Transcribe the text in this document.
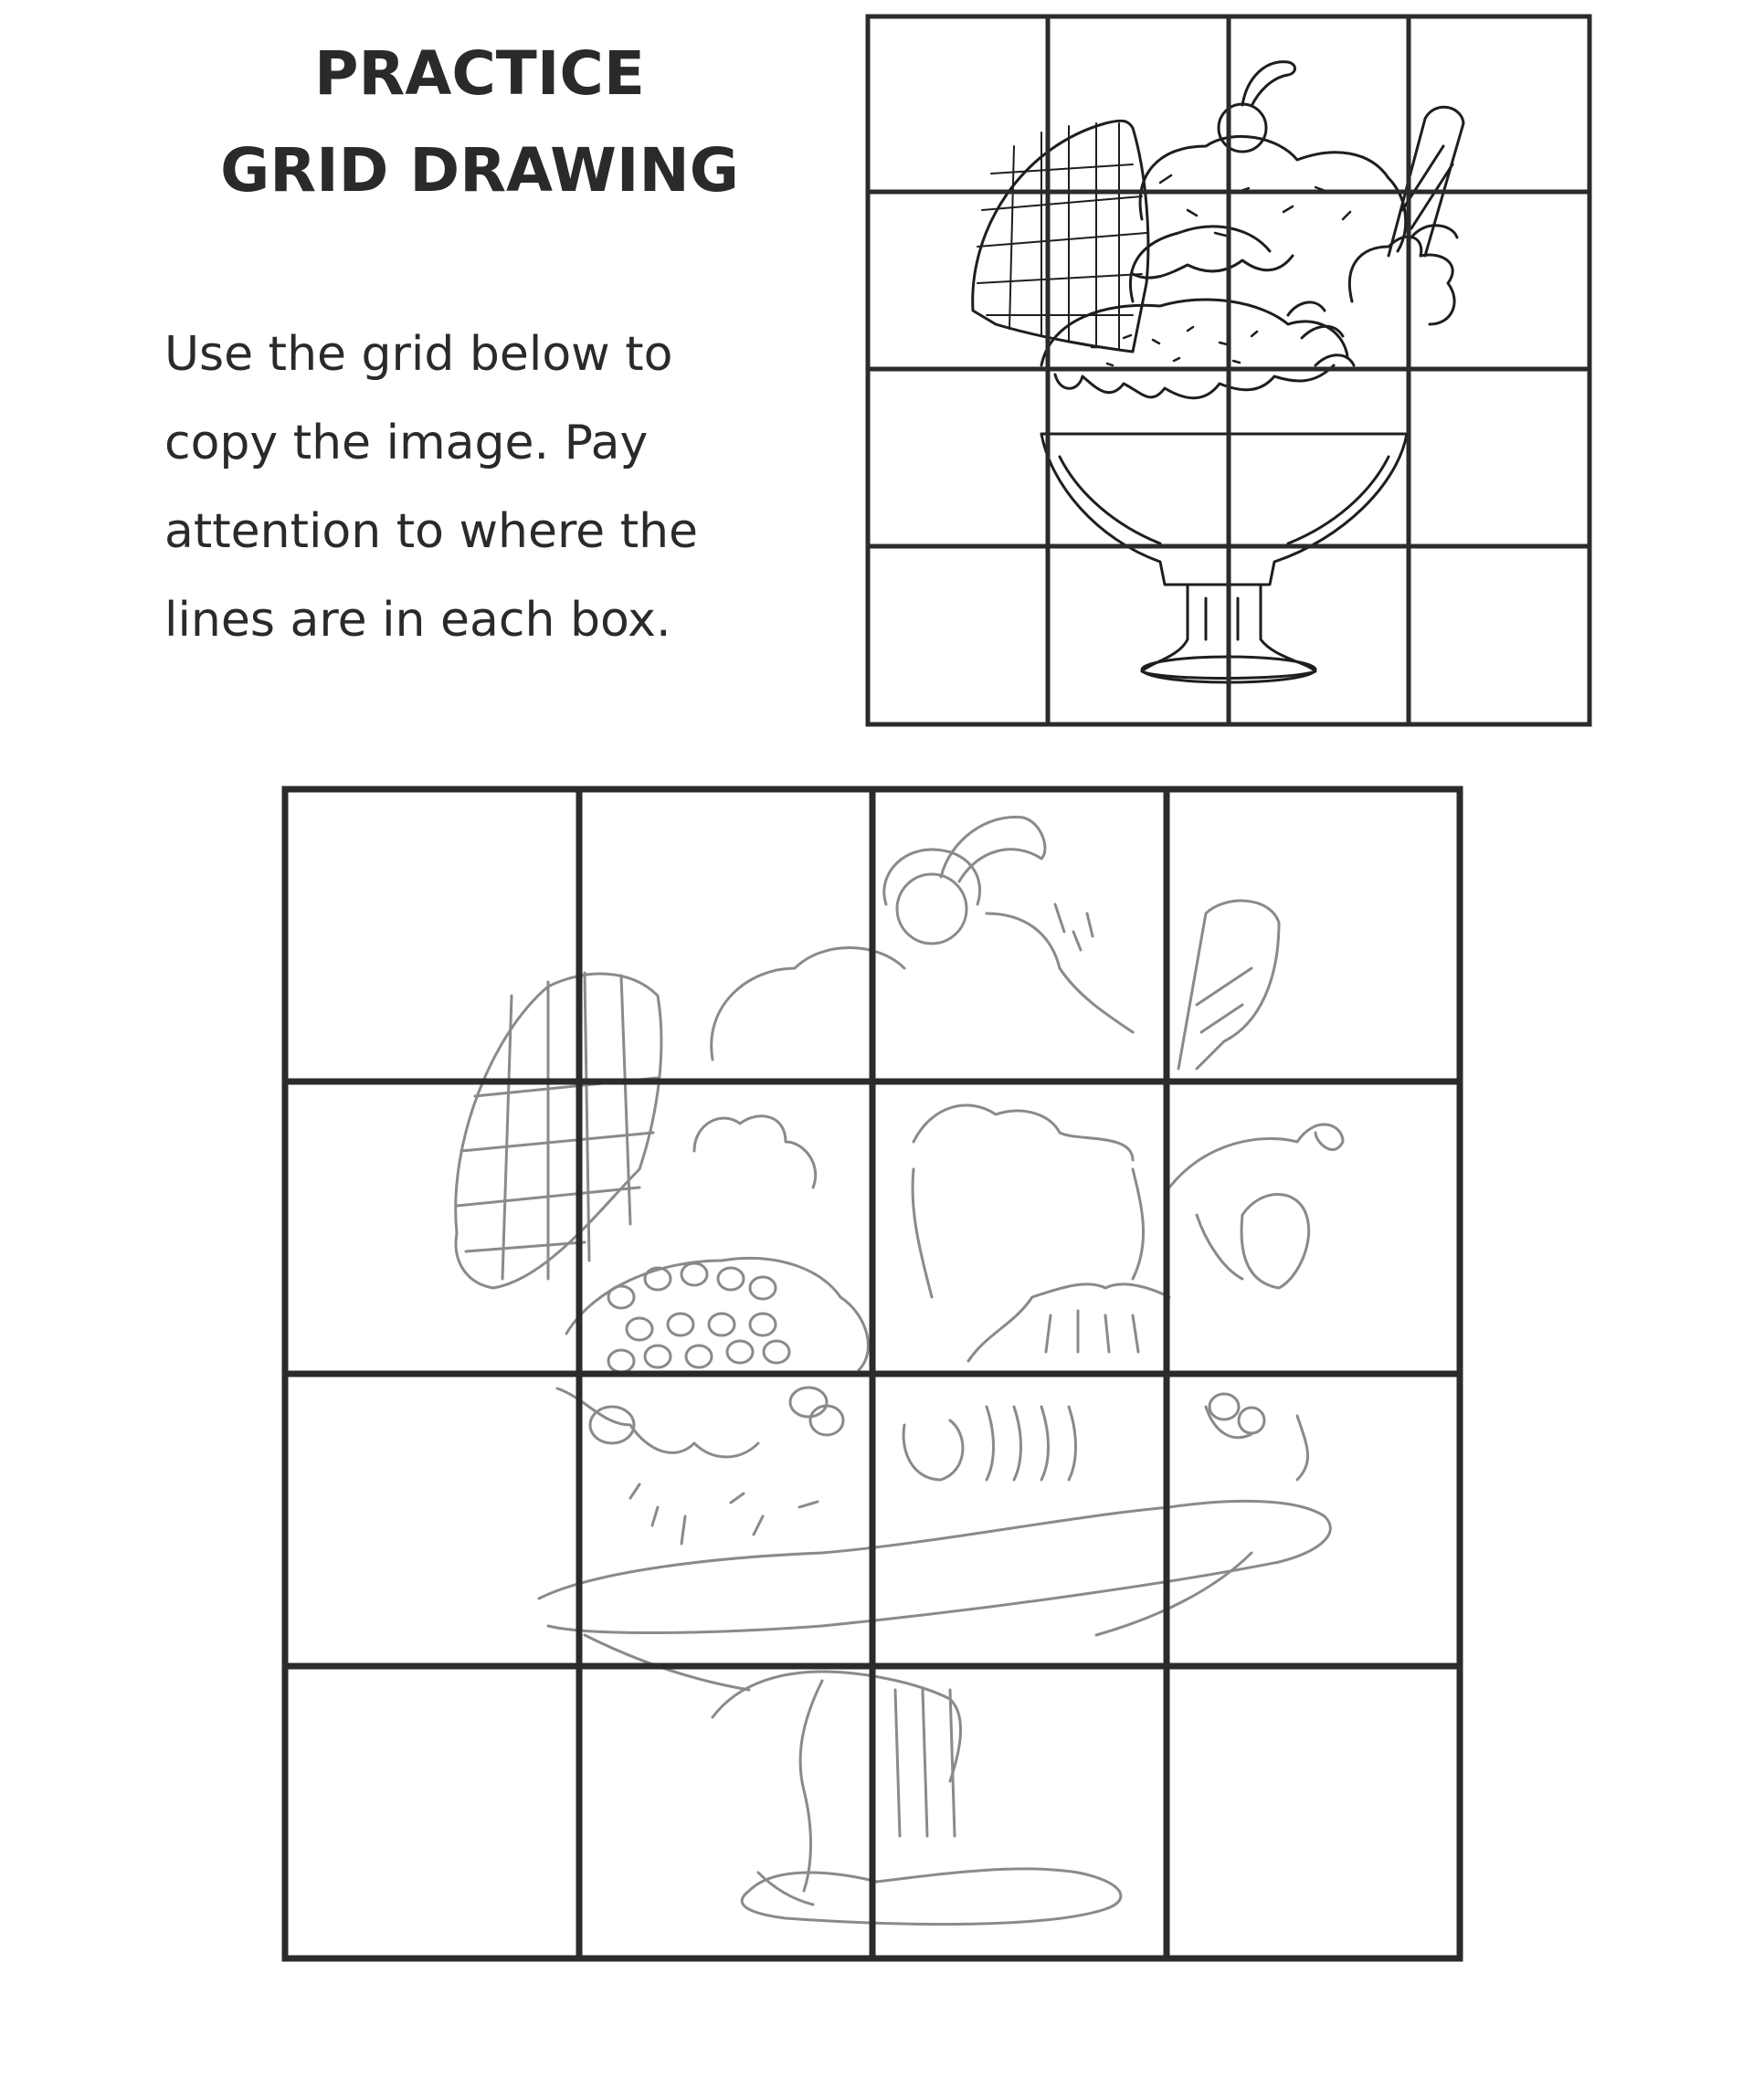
PRACTICE
GRID DRAWING
Use the grid below to
copy the image. Pay
attention to where the
lines are in each box.
